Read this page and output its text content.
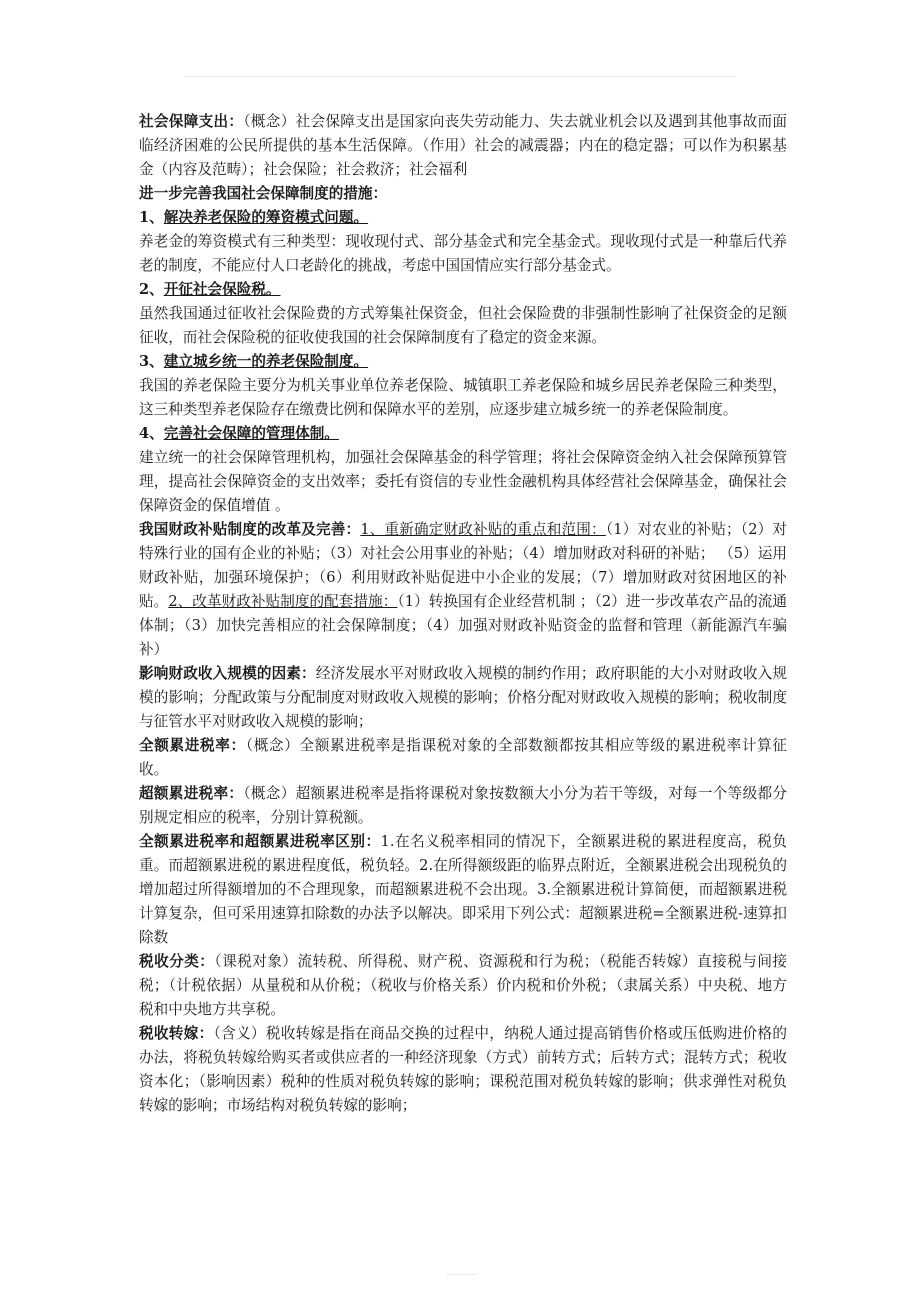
社会保障支出：（概念）社会保障支出是国家向丧失劳动能力、失去就业机会以及遇到其他事故而面临经济困难的公民所提供的基本生活保障。（作用）社会的减震器；内在的稳定器；可以作为积累基金（内容及范畴）；社会保险；社会救济；社会福利

进一步完善我国社会保障制度的措施：

1、解决养老保险的筹资模式问题。

养老金的筹资模式有三种类型：现收现付式、部分基金式和完全基金式。现收现付式是一种靠后代养老的制度，不能应付人口老龄化的挑战，考虑中国国情应实行部分基金式。

2、开征社会保险税。

虽然我国通过征收社会保险费的方式筹集社保资金，但社会保险费的非强制性影响了社保资金的足额征收，而社会保险税的征收使我国的社会保障制度有了稳定的资金来源。

3、建立城乡统一的养老保险制度。

我国的养老保险主要分为机关事业单位养老保险、城镇职工养老保险和城乡居民养老保险三种类型，这三种类型养老保险存在缴费比例和保障水平的差别，应逐步建立城乡统一的养老保险制度。

4、完善社会保障的管理体制。

建立统一的社会保障管理机构，加强社会保障基金的科学管理；将社会保障资金纳入社会保障预算管理，提高社会保障资金的支出效率；委托有资信的专业性金融机构具体经营社会保障基金，确保社会保障资金的保值增值 。

我国财政补贴制度的改革及完善：1、重新确定财政补贴的重点和范围：（1）对农业的补贴；（2）对特殊行业的国有企业的补贴；（3）对社会公用事业的补贴；（4）增加财政对科研的补贴； （5）运用财政补贴，加强环境保护；（6）利用财政补贴促进中小企业的发展；（7）增加财政对贫困地区的补贴。2、改革财政补贴制度的配套措施：（1）转换国有企业经营机制 ；（2）进一步改革农产品的流通体制；（3）加快完善相应的社会保障制度；（4）加强对财政补贴资金的监督和管理（新能源汽车骗补）

影响财政收入规模的因素：经济发展水平对财政收入规模的制约作用；政府职能的大小对财政收入规模的影响；分配政策与分配制度对财政收入规模的影响；价格分配对财政收入规模的影响；税收制度与征管水平对财政收入规模的影响；

全额累进税率：（概念）全额累进税率是指课税对象的全部数额都按其相应等级的累进税率计算征收。

超额累进税率：（概念）超额累进税率是指将课税对象按数额大小分为若干等级，对每一个等级都分别规定相应的税率，分别计算税额。

全额累进税率和超额累进税率区别：1.在名义税率相同的情况下，全额累进税的累进程度高，税负重。而超额累进税的累进程度低，税负轻。2.在所得额级距的临界点附近，全额累进税会出现税负的增加超过所得额增加的不合理现象，而超额累进税不会出现。3.全额累进税计算简便，而超额累进税计算复杂，但可采用速算扣除数的办法予以解决。即采用下列公式：超额累进税=全额累进税-速算扣除数

税收分类：（课税对象）流转税、所得税、财产税、资源税和行为税；（税能否转嫁）直接税与间接税；（计税依据）从量税和从价税；（税收与价格关系）价内税和价外税；（隶属关系）中央税、地方税和中央地方共享税。

税收转嫁：（含义）税收转嫁是指在商品交换的过程中，纳税人通过提高销售价格或压低购进价格的办法，将税负转嫁给购买者或供应者的一种经济现象（方式）前转方式；后转方式；混转方式；税收资本化；（影响因素）税种的性质对税负转嫁的影响；课税范围对税负转嫁的影响；供求弹性对税负转嫁的影响；市场结构对税负转嫁的影响；
